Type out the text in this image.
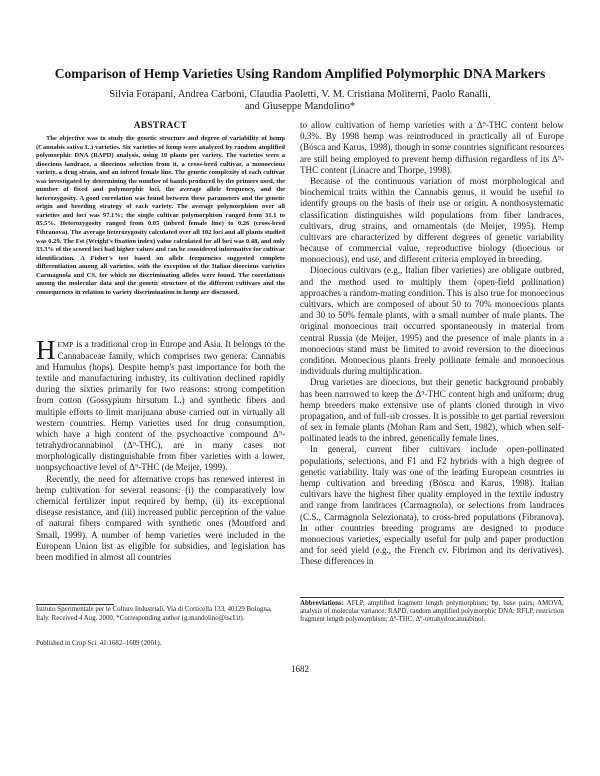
Comparison of Hemp Varieties Using Random Amplified Polymorphic DNA Markers
Silvia Forapani, Andrea Carboni, Claudia Paoletti, V. M. Cristiana Moliterni, Paolo Ranalli,
and Giuseppe Mandolino*
ABSTRACT

The objective was to study the genetic structure and degree of variability of hemp (Cannabis sativa L.) varieties. Six varieties of hemp were analyzed by random amplified polymorphic DNA (RAPD) analysis, using 10 plants per variety. The varieties were a dioecious landrace, a dioecious selection from it, a cross-bred cultivar, a monoecious variety, a drug strain, and an inbred female line. The genetic complexity of each cultivar was investigated by determining the number of bands produced by the primers used, the number of fixed and polymorphic loci, the average allele frequency, and the heterozygosity. A good correlation was found between these parameters and the genetic origin and breeding strategy of each variety. The average polymorphism over all varieties and loci was 97.1%; the single cultivar polymorphism ranged from 31.1 to 85.5%. Heterozygosity ranged from 0.05 (inbred female line) to 0.26 (cross-bred Fibranova). The average heterozygosity calculated over all 102 loci and all plants studied was 0.29. The Fst (Wright's fixation index) value calculated for all loci was 0.48, and only 33.3% of the scored loci had higher values and can be considered informative for cultivar identification. A Fisher's test based on allele frequencies suggested complete differentiation among all varieties, with the exception of the Italian dioecious varieties Carmagnola and CS, for which no discriminating alleles were found. The correlations among the molecular data and the genetic structure of the different cultivars and the consequences in relation to variety discrimination in hemp are discussed.

HEMP is a traditional crop in Europe and Asia. It belongs to the Cannabaceae family, which comprises two genera: Cannabis and Humulus (hops). Despite hemp's past importance for both the textile and manufacturing industry, its cultivation declined rapidly during the sixties primarily for two reasons: strong competition from cotton (Gossypium hirsutum L.) and synthetic fibers and multiple efforts to limit marijuana abuse carried out in virtually all western countries. Hemp varieties used for drug consumption, which have a high content of the psychoactive compound Δ⁹-tetrahydrocannabinol (Δ⁹-THC), are in many cases not morphologically distinguishable from fiber varieties with a lower, nonpsychoactive level of Δ⁹-THC (de Meijer, 1999).

Recently, the need for alternative crops has renewed interest in hemp cultivation for several reasons: (i) the comparatively low chemical fertilizer input required by hemp, (ii) its exceptional disease resistance, and (iii) increased public perception of the value of natural fibers compared with synthetic ones (Montford and Small, 1999). A number of hemp varieties were included in the European Union list as eligible for subsidies, and legislation has been modified in almost all countries

to allow cultivation of hemp varieties with a Δ⁹-THC content below 0.3%. By 1998 hemp was reintroduced in practically all of Europe (Bósca and Karus, 1998), though in some countries significant resources are still being employed to prevent hemp diffusion regardless of its Δ⁹-THC content (Linacre and Thorpe, 1998).

Because of the continuous variation of most morphological and biochemical traits within the Cannabis genus, it would be useful to identify groups on the basis of their use or origin. A nonthosystematic classification distinguishes wild populations from fiber landraces, cultivars, drug strains, and ornamentals (de Meijer, 1995). Hemp cultivars are characterized by different degrees of genetic variability because of commercial value, reproductive biology (dioecious or monoecious), end use, and different criteria employed in breeding.

Dioecious cultivars (e.g., Italian fiber varieties) are obligate outbred, and the method used to multiply them (open-field pollination) approaches a random-mating condition. This is also true for monoecious cultivars, which are composed of about 50 to 70% monoecious plants and 30 to 50% female plants, with a small number of male plants. The original monoecious trait occurred spontaneously in material from central Russia (de Meijer, 1995) and the presence of male plants in a monoecious stand must be limited to avoid reversion to the dioecious condition. Monoecious plants freely pollinate female and monoecious individuals during multiplication.

Drug varieties are dioecious, but their genetic background probably has been narrowed to keep the Δ⁹-THC content high and uniform; drug hemp breeders make extensive use of plants cloned through in vivo propagation, and of full-sib crosses. It is possible to get partial reversion of sex in female plants (Mohan Ram and Sett, 1982), which when self-pollinated leads to the inbred, genetically female lines.

In general, current fiber cultivars include open-pollinated populations, selections, and F1 and F2 hybrids with a high degree of genetic variability. Italy was one of the leading European countries in hemp cultivation and breeding (Bósca and Karus, 1998). Italian cultivars have the highest fiber quality employed in the textile industry and range from landraces (Carmagnola), or selections from landraces (C.S., Carmagnola Selezionata), to cross-bred populations (Fibranova). In other countries breeding programs are designed to produce monoecious varieties, especially useful for pulp and paper production and for seed yield (e.g., the French cv. Fibrimon and its derivatives). These differences in

Istituto Sperimentale per le Colture Industriali, Via di Corticella 133, 40129 Bologna, Italy. Received 4 Aug. 2000. *Corresponding author (g.mandolino@iscI.it).

Published in Crop Sci. 41:1682–1689 (2001).
Abbreviations: AFLP, amplified fragment length polymorphism; bp, base pairs; AMOVA, analysis of molecular variance; RAPD, random amplified polymorphic DNA; RFLP, restriction fragment length polymorphism; Δ⁹-THC, Δ⁹-tetrahydrocannabinol.
1682
